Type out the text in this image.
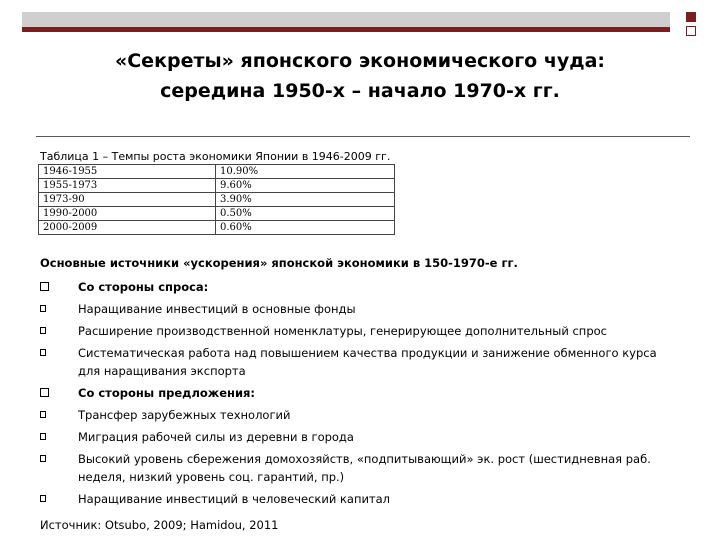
«Секреты» японского экономического чуда:
середина 1950-х – начало 1970-х гг.
Таблица 1 – Темпы роста экономики Японии в 1946-2009 гг.
1946-1955	10.90%
1955-1973	9.60%
1973-90	3.90%
1990-2000	0.50%
2000-2009	0.60%
Основные источники «ускорения» японской экономики в 150-1970-е гг.
Со стороны спроса:
Наращивание инвестиций в основные фонды
Расширение производственной номенклатуры, генерирующее дополнительный спрос
Систематическая работа над повышением качества продукции и занижение обменного курса для наращивания экспорта
Со стороны предложения:
Трансфер зарубежных технологий
Миграция рабочей силы из деревни в города
Высокий уровень сбережения домохозяйств, «подпитывающий» эк. рост (шестидневная раб. неделя, низкий уровень соц. гарантий, пр.)
Наращивание инвестиций в человеческий капитал
Источник: Otsubo, 2009; Hamidou, 2011
